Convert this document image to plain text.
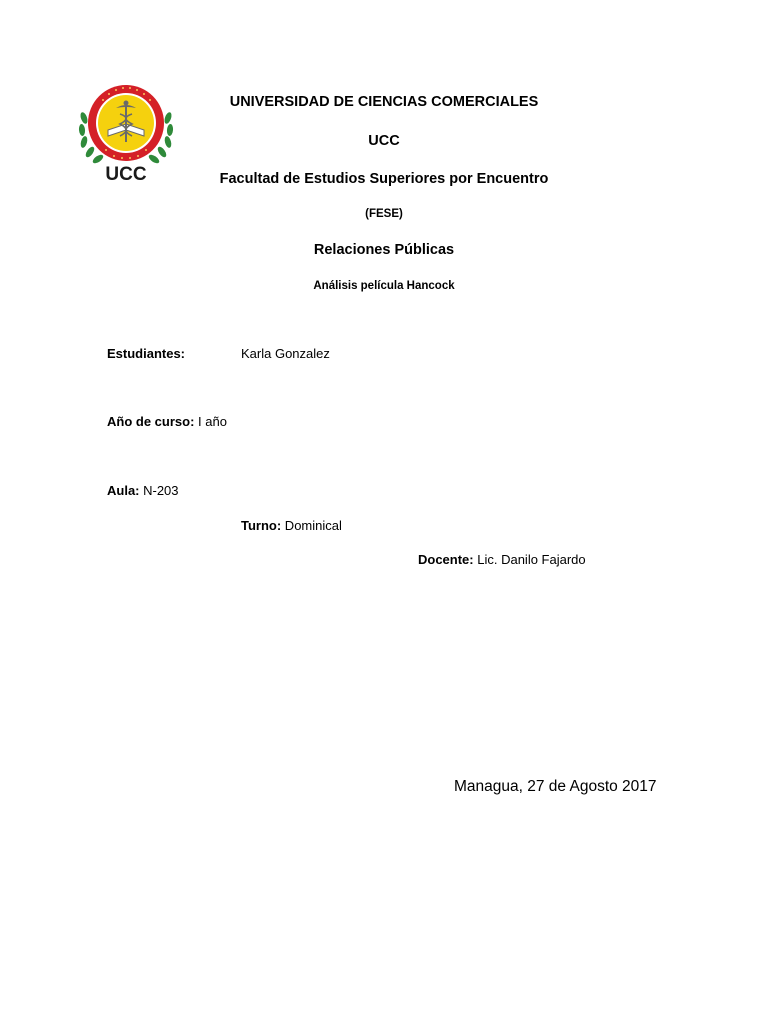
UCC
UNIVERSIDAD DE CIENCIAS COMERCIALES
UCC
Facultad de Estudios Superiores por Encuentro
(FESE)
Relaciones Públicas
Análisis película Hancock
Estudiantes:	Karla Gonzalez
Año de curso: I año
Aula: N-203
Turno: Dominical
Docente: Lic. Danilo Fajardo
Managua, 27 de Agosto 2017
